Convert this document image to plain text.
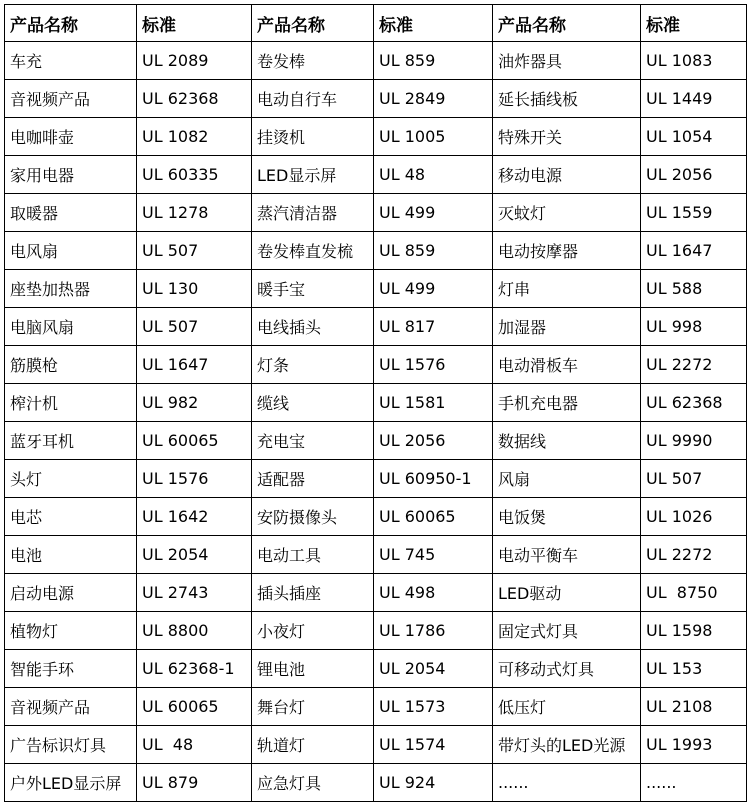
产品名称	标准	产品名称	标准	产品名称	标准
车充	UL 2089	卷发棒	UL 859	油炸器具	UL 1083
音视频产品	UL 62368	电动自行车	UL 2849	延长插线板	UL 1449
电咖啡壶	UL 1082	挂烫机	UL 1005	特殊开关	UL 1054
家用电器	UL 60335	LED显示屏	UL 48	移动电源	UL 2056
取暖器	UL 1278	蒸汽清洁器	UL 499	灭蚊灯	UL 1559
电风扇	UL 507	卷发棒直发梳	UL 859	电动按摩器	UL 1647
座垫加热器	UL 130	暖手宝	UL 499	灯串	UL 588
电脑风扇	UL 507	电线插头	UL 817	加湿器	UL 998
筋膜枪	UL 1647	灯条	UL 1576	电动滑板车	UL 2272
榨汁机	UL 982	缆线	UL 1581	手机充电器	UL 62368
蓝牙耳机	UL 60065	充电宝	UL 2056	数据线	UL 9990
头灯	UL 1576	适配器	UL 60950-1	风扇	UL 507
电芯	UL 1642	安防摄像头	UL 60065	电饭煲	UL 1026
电池	UL 2054	电动工具	UL 745	电动平衡车	UL 2272
启动电源	UL 2743	插头插座	UL 498	LED驱动	UL  8750
植物灯	UL 8800	小夜灯	UL 1786	固定式灯具	UL 1598
智能手环	UL 62368-1	锂电池	UL 2054	可移动式灯具	UL 153
音视频产品	UL 60065	舞台灯	UL 1573	低压灯	UL 2108
广告标识灯具	UL  48	轨道灯	UL 1574	带灯头的LED光源	UL 1993
户外LED显示屏	UL 879	应急灯具	UL 924	......	......
